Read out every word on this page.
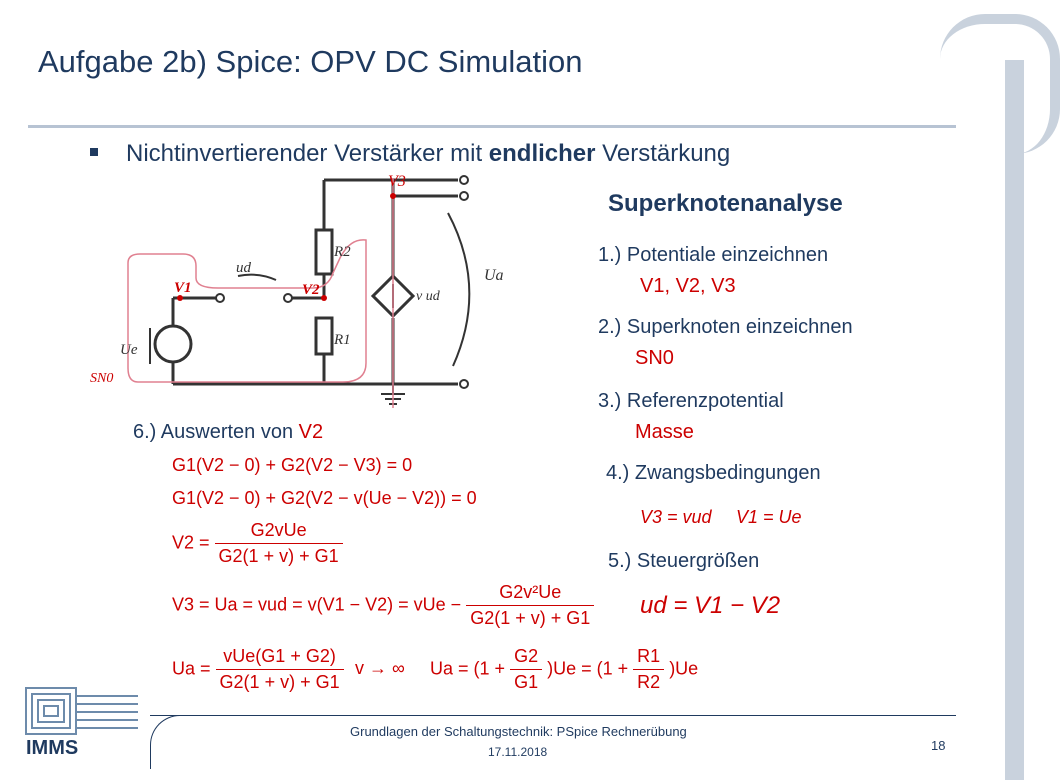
Aufgabe 2b) Spice: OPV DC Simulation
Nichtinvertierender Verstärker mit endlicher Verstärkung
V3
R2
ud	Ua
V1	V2	v ud
R1
Ue
SN0
Superknotenanalyse
1.) Potentiale einzeichnen
V1, V2, V3
2.) Superknoten einzeichnen
SN0
3.) Referenzpotential
Masse
4.) Zwangsbedingungen
V3 = vud V1 = Ue
5.) Steuergrößen
ud = V1 − V2
6.) Auswerten von V2
G1(V2 − 0) + G2(V2 − V3) = 0
G1(V2 − 0) + G2(V2 − v(Ue − V2)) = 0
$V2 = \frac{\text{G2vUe}}{G2(1 + v) + G1}$
V3 = Ua = vud = v(V1 − V2) = vUe − $\frac{\text{G2v²Ue}}{G2(1 + v) + G1}$
$Ua = \frac{\text{vUe(G1 + G2)}}{G2(1 + v) + G1}$ v → ∞ $Ua = (1 + \frac{G2}{G1} )Ue = (1 + \frac{R1}{R2} )Ue$
IMMS
Grundlagen der Schaltungstechnik: PSpice Rechnerübung
17.11.2018	18
